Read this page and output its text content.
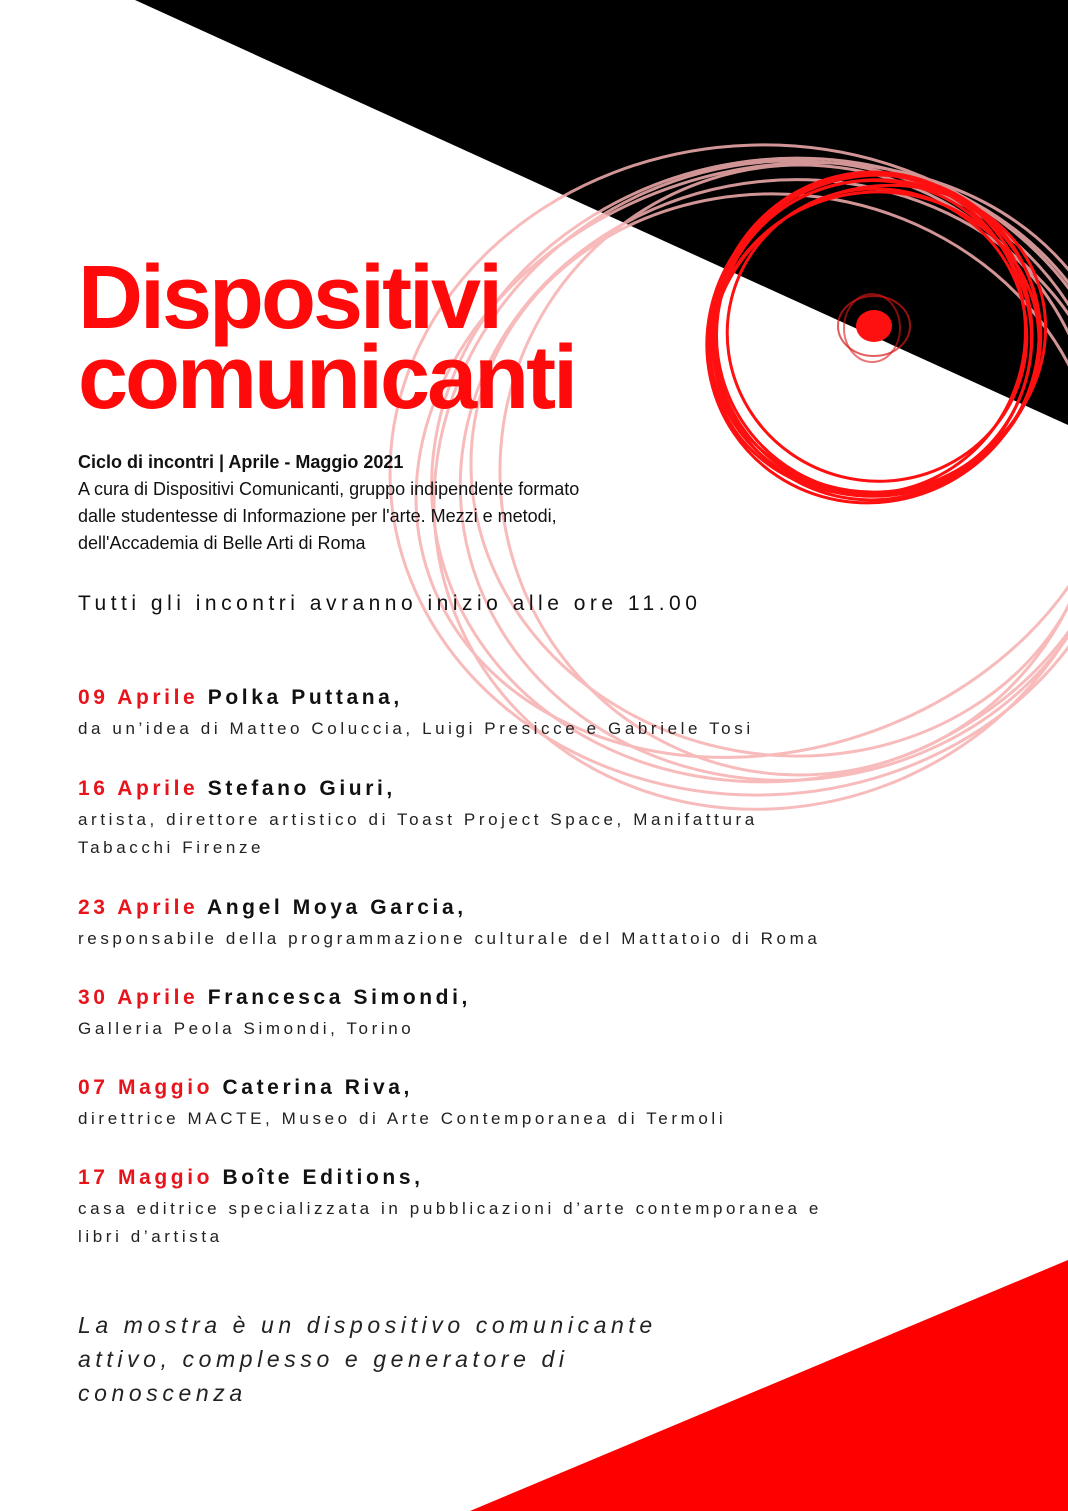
Dispositivi
comunicanti
Ciclo di incontri | Aprile - Maggio 2021
A cura di Dispositivi Comunicanti, gruppo indipendente formato
dalle studentesse di Informazione per l'arte. Mezzi e metodi,
dell'Accademia di Belle Arti di Roma
Tutti gli incontri avranno inizio alle ore 11.00
09 Aprile Polka Puttana,
da un’idea di Matteo Coluccia, Luigi Presicce e Gabriele Tosi
16 Aprile Stefano Giuri,
artista, direttore artistico di Toast Project Space, Manifattura
Tabacchi Firenze
23 Aprile Angel Moya Garcia,
responsabile della programmazione culturale del Mattatoio di Roma
30 Aprile Francesca Simondi,
Galleria Peola Simondi, Torino
07 Maggio Caterina Riva,
direttrice MACTE, Museo di Arte Contemporanea di Termoli
17 Maggio Boîte Editions,
casa editrice specializzata in pubblicazioni d’arte contemporanea e
libri d’artista
La mostra è un dispositivo comunicante
attivo, complesso e generatore di
conoscenza
